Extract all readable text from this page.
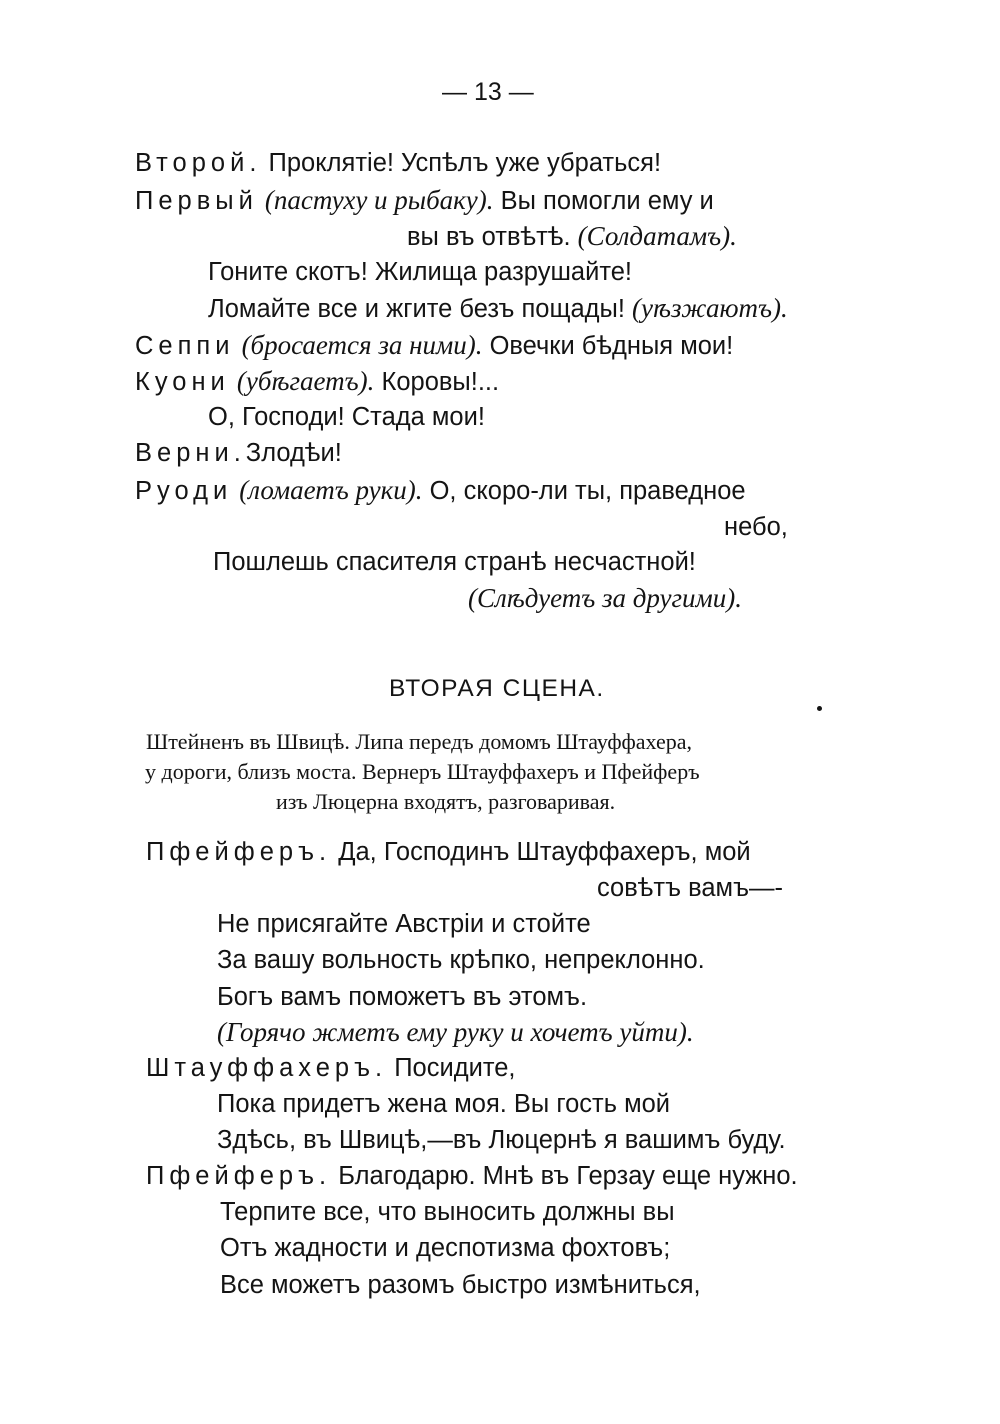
— 13 —
Второй. Проклятіе! Успѣлъ уже убраться!
Первый (пастуху и рыбаку). Вы помогли ему и
вы въ отвѣтѣ. (Солдатамъ).
Гоните скотъ! Жилища разрушайте!
Ломайте все и жгите безъ пощады! (уѣзжаютъ).
Сеппи (бросается за ними). Овечки бѣдныя мои!
Куони (убѣгаетъ). Коровы!...
О, Господи! Стада мои!
Верни.Злодѣи!
Руоди (ломаетъ руки). О, скоро-ли ты, праведное
небо,
Пошлешь спасителя странѣ несчастной!
(Слѣдуетъ за другими).
ВТОРАЯ СЦЕНА.
Штейненъ въ Швицѣ. Липа передъ домомъ Штауффахера,
у дороги, близъ моста. Вернеръ Штауффахеръ и Пфейферъ
изъ Люцерна входятъ, разговаривая.
Пфейферъ. Да, Господинъ Штауффахеръ, мой
совѣтъ вамъ—-
Не присягайте Австріи и стойте
За вашу вольность крѣпко, непреклонно.
Богъ вамъ поможетъ въ этомъ.
(Горячо жметъ ему руку и хочетъ уйти).
Штауффахеръ. Посидите,
Пока придетъ жена моя. Вы гость мой
Здѣсь, въ Швицѣ,—въ Люцернѣ я вашимъ буду.
Пфейферъ. Благодарю. Мнѣ въ Герзау еще нужно.
Терпите все, что выносить должны вы
Отъ жадности и деспотизма фохтовъ;
Все можетъ разомъ быстро измѣниться,
